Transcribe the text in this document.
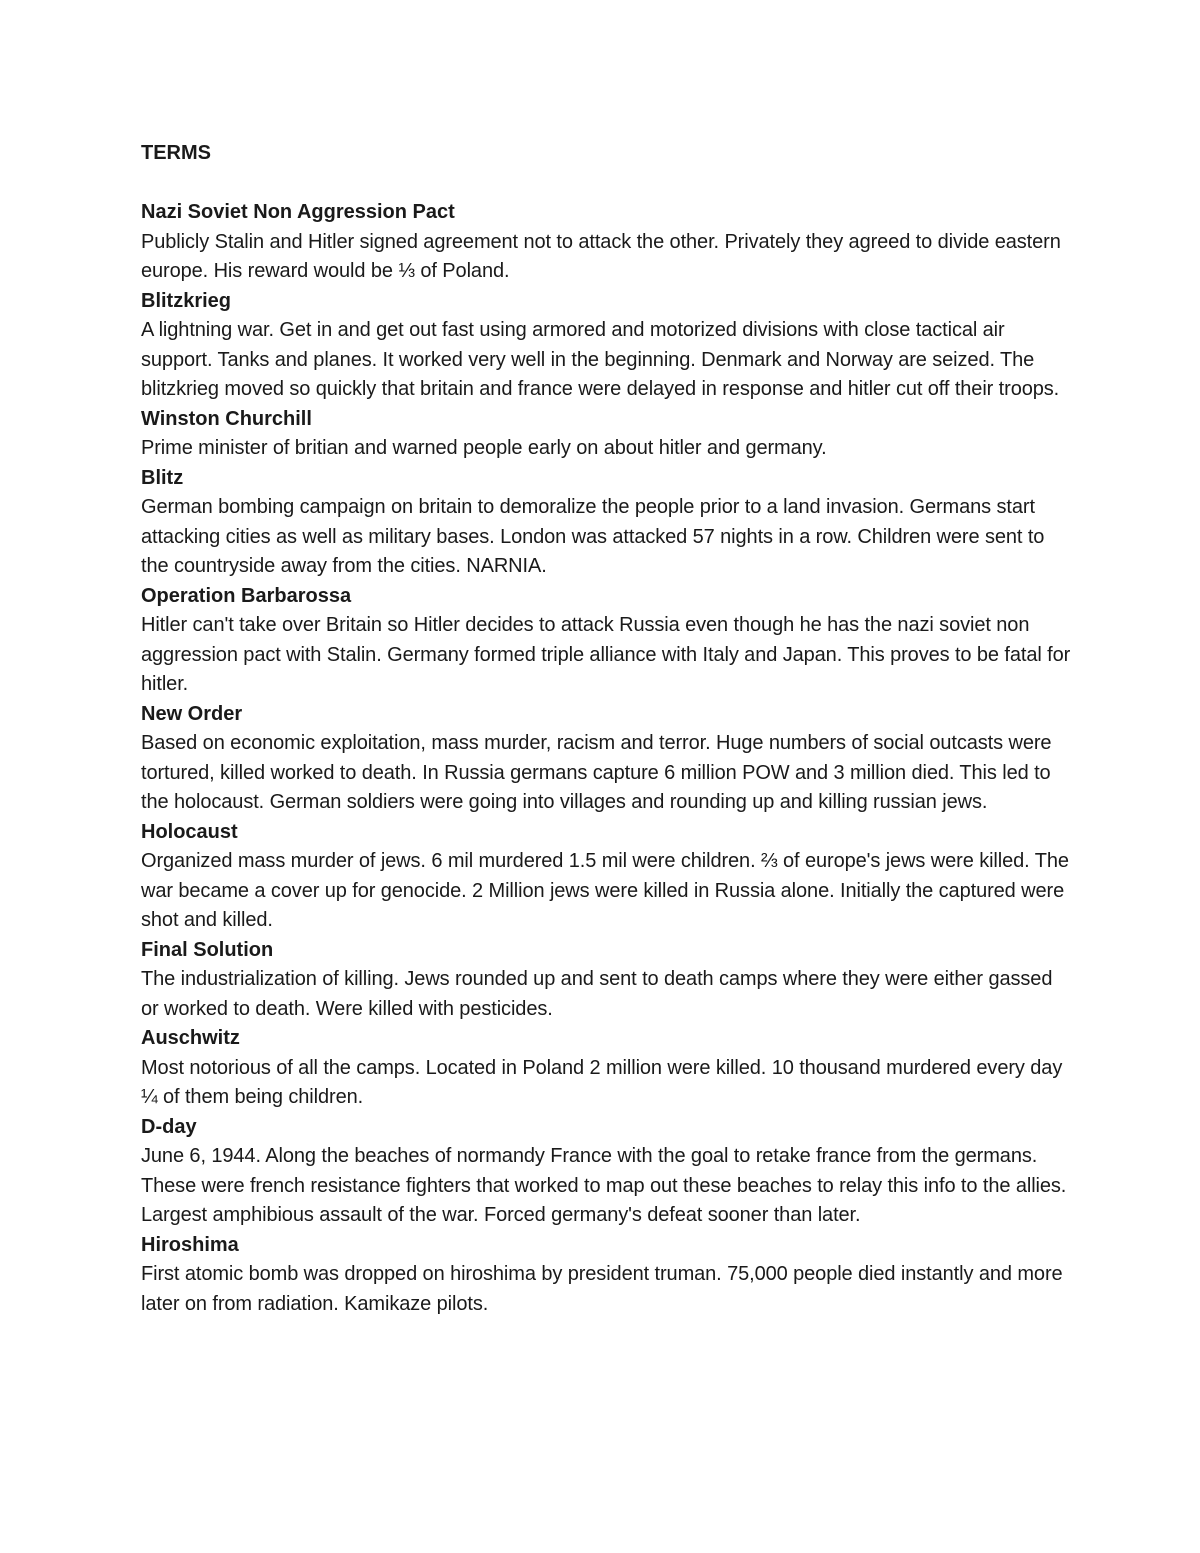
TERMS

Nazi Soviet Non Aggression Pact

Publicly Stalin and Hitler signed agreement not to attack the other. Privately they agreed to divide eastern europe. His reward would be ⅓ of Poland.

Blitzkrieg

A lightning war. Get in and get out fast using armored and motorized divisions with close tactical air support. Tanks and planes. It worked very well in the beginning. Denmark and Norway are seized. The blitzkrieg moved so quickly that britain and france were delayed in response and hitler cut off their troops.

Winston Churchill

Prime minister of britian and warned people early on about hitler and germany.

Blitz

German bombing campaign on britain to demoralize the people prior to a land invasion. Germans start attacking cities as well as military bases. London was attacked 57 nights in a row. Children were sent to the countryside away from the cities. NARNIA.

Operation Barbarossa

Hitler can't take over Britain so Hitler decides to attack Russia even though he has the nazi soviet non aggression pact with Stalin. Germany formed triple alliance with Italy and Japan. This proves to be fatal for hitler.

New Order

Based on economic exploitation, mass murder, racism and terror. Huge numbers of social outcasts were tortured, killed worked to death. In Russia germans capture 6 million POW and 3 million died. This led to the holocaust. German soldiers were going into villages and rounding up and killing russian jews.

Holocaust

Organized mass murder of jews. 6 mil murdered 1.5 mil were children. ⅔ of europe's jews were killed. The war became a cover up for genocide. 2 Million jews were killed in Russia alone. Initially the captured were shot and killed.

Final Solution

The industrialization of killing. Jews rounded up and sent to death camps where they were either gassed or worked to death. Were killed with pesticides.

Auschwitz

Most notorious of all the camps. Located in Poland 2 million were killed. 10 thousand murdered every day ¼ of them being children.

D-day

June 6, 1944. Along the beaches of normandy France with the goal to retake france from the germans. These were french resistance fighters that worked to map out these beaches to relay this info to the allies. Largest amphibious assault of the war. Forced germany's defeat sooner than later.

Hiroshima

First atomic bomb was dropped on hiroshima by president truman. 75,000 people died instantly and more later on from radiation. Kamikaze pilots.
